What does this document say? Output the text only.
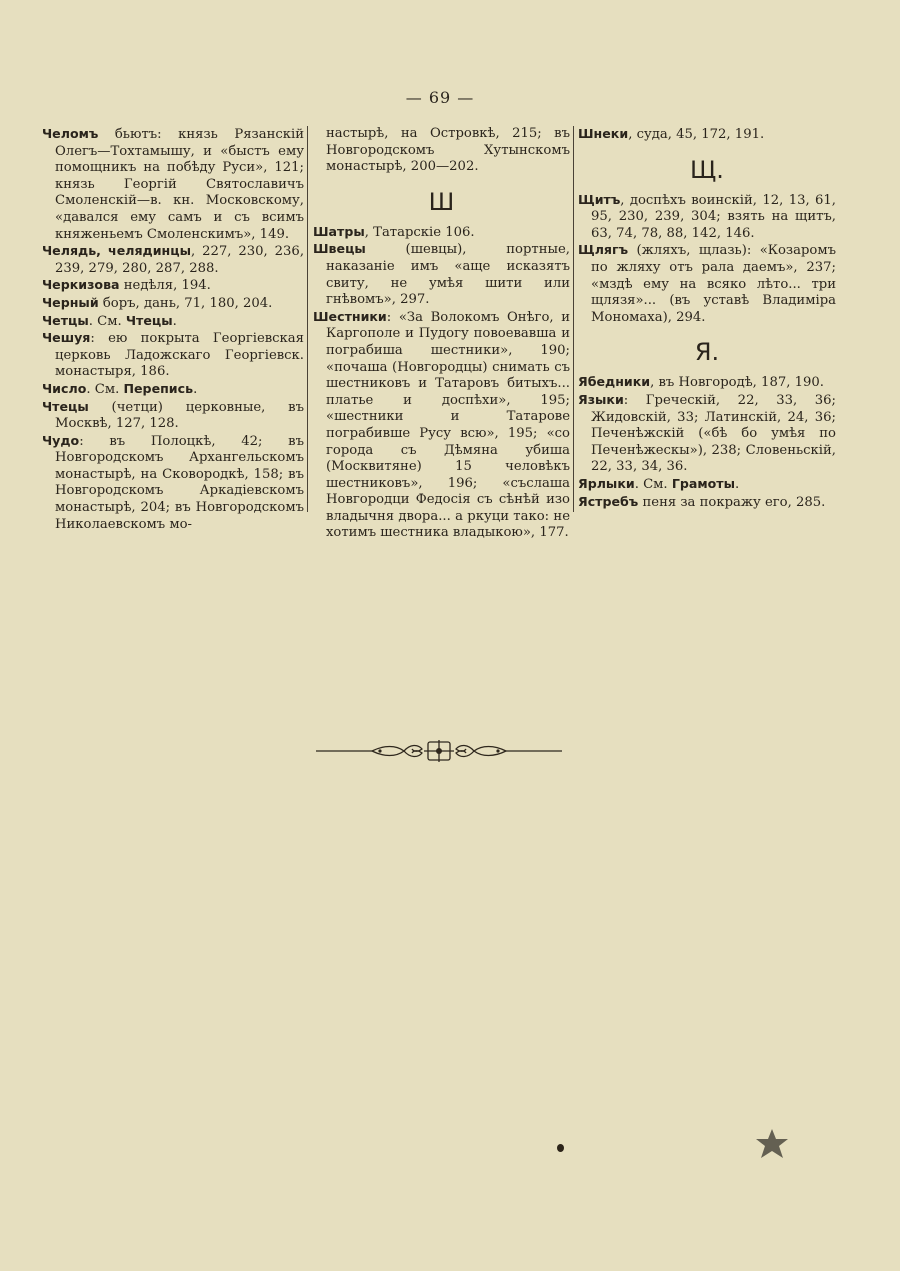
— 69 —

Челомъ бьютъ: князь Рязанскій Олегъ—Тохтамышу, и «быстъ ему помощникъ на побѣду Руси», 121; князь Георгій Святославичъ Смоленскій—в. кн. Московскому, «давался ему самъ и съ всимъ княженьемъ Смоленскимъ», 149.

Челядь, челядинцы, 227, 230, 236, 239, 279, 280, 287, 288.

Черкизова недѣля, 194.

Черный боръ, дань, 71, 180, 204.

Четцы. См. Чтецы.

Чешуя: ею покрыта Георгіевская церковь Ладожскаго Георгіевск. монастыря, 186.

Число. См. Перепись.

Чтецы (четци) церковные, въ Москвѣ, 127, 128.

Чудо: въ Полоцкѣ, 42; въ Новгородскомъ Архангельскомъ монастырѣ, на Сковородкѣ, 158; въ Новгородскомъ Аркадіевскомъ монастырѣ, 204; въ Новгородскомъ Николаевскомъ мо-

настырѣ, на Островкѣ, 215; въ Новгородскомъ Хутынскомъ монастырѣ, 200—202.

Ш

Шатры, Татарскіе 106.

Швецы (шевцы), портные, наказаніе имъ «аще исказятъ свиту, не умѣя шити или гнѣвомъ», 297.

Шестники: «За Волокомъ Онѣго, и Каргополе и Пудогу повоевавша и пограбиша шестники», 190; «почаша (Новгородцы) снимать съ шестниковъ и Татаровъ битыхъ... платье и доспѣхи», 195; «шестники и Татарове пограбивше Русу всю», 195; «со города съ Дѣмяна убиша (Москвитяне) 15 человѣкъ шестниковъ», 196; «съслаша Новгородци Федосія съ сѣнѣй изо владычня двора... а ркуци тако: не хотимъ шестника владыкою», 177.

Шнеки, суда, 45, 172, 191.

Щ.

Щитъ, доспѣхъ воинскій, 12, 13, 61, 95, 230, 239, 304; взять на щитъ, 63, 74, 78, 88, 142, 146.

Щлягъ (жляхъ, щлазь): «Козаромъ по жляху отъ рала даемъ», 237; «мздѣ ему на всяко лѣто... три щлязя»... (въ уставѣ Владиміра Мономаха), 294.

Я.

Ябедники, въ Новгородѣ, 187, 190.

Языки: Греческій, 22, 33, 36; Жидовскій, 33; Латинскій, 24, 36; Печенѣжскій («бѣ бо умѣя по Печенѣжескы»), 238; Словеньскій, 22, 33, 34, 36.

Ярлыки. См. Грамоты.

Ястребъ пеня за покражу его, 285.
